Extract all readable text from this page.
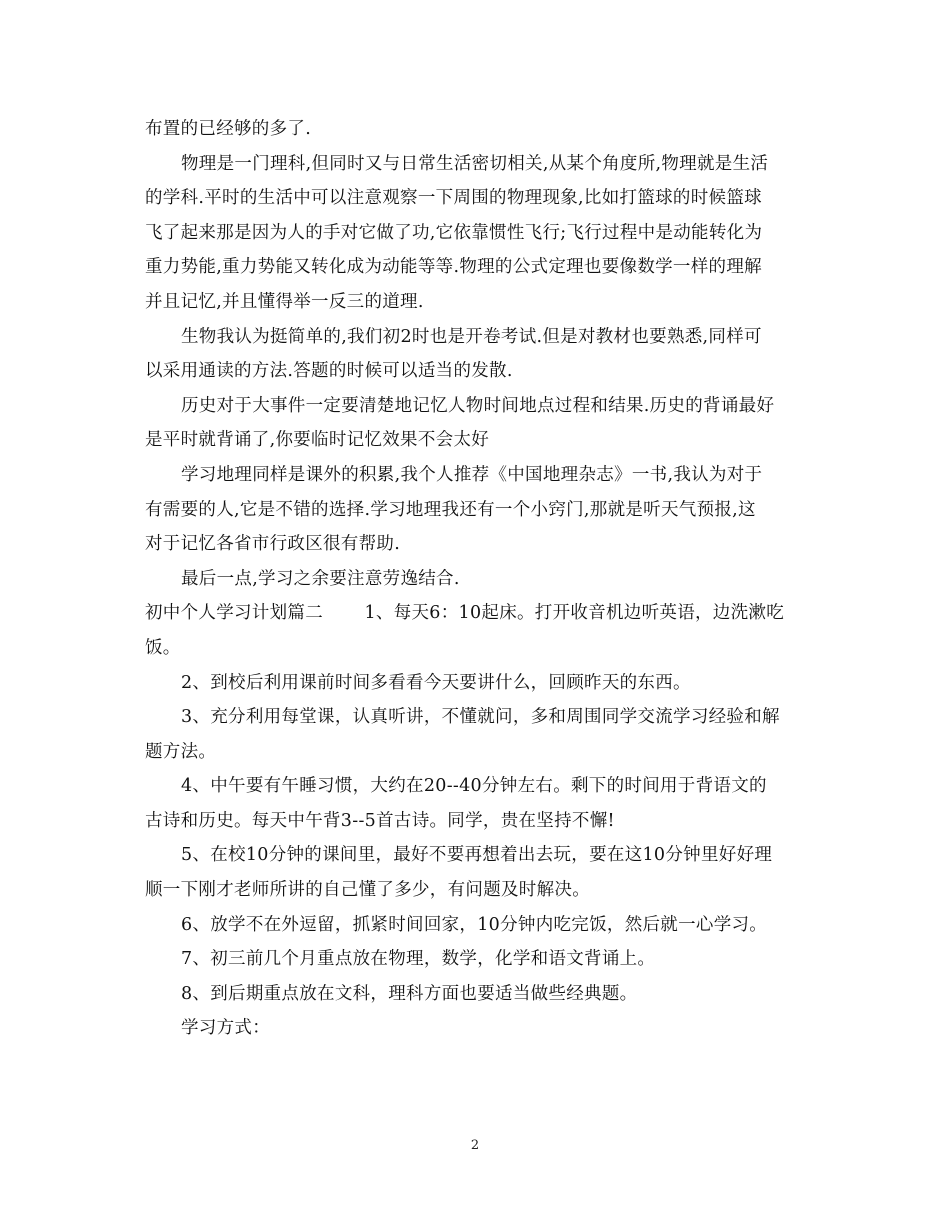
布置的已经够的多了.
物理是一门理科,但同时又与日常生活密切相关,从某个角度所,物理就是生活
的学科.平时的生活中可以注意观察一下周围的物理现象,比如打篮球的时候篮球
飞了起来那是因为人的手对它做了功,它依靠惯性飞行;飞行过程中是动能转化为
重力势能,重力势能又转化成为动能等等.物理的公式定理也要像数学一样的理解
并且记忆,并且懂得举一反三的道理.
生物我认为挺简单的,我们初2时也是开卷考试.但是对教材也要熟悉,同样可
以采用通读的方法.答题的时候可以适当的发散.
历史对于大事件一定要清楚地记忆人物时间地点过程和结果.历史的背诵最好
是平时就背诵了,你要临时记忆效果不会太好
学习地理同样是课外的积累,我个人推荐《中国地理杂志》一书,我认为对于
有需要的人,它是不错的选择.学习地理我还有一个小窍门,那就是听天气预报,这
对于记忆各省市行政区很有帮助.
最后一点,学习之余要注意劳逸结合.
初中个人学习计划篇二　　 1、每天6：10起床。打开收音机边听英语，边洗漱吃
饭。
2、到校后利用课前时间多看看今天要讲什么，回顾昨天的东西。
3、充分利用每堂课，认真听讲，不懂就问，多和周围同学交流学习经验和解
题方法。
4、中午要有午睡习惯，大约在20--40分钟左右。剩下的时间用于背语文的
古诗和历史。每天中午背3--5首古诗。同学，贵在坚持不懈!
5、在校10分钟的课间里，最好不要再想着出去玩，要在这10分钟里好好理
顺一下刚才老师所讲的自己懂了多少，有问题及时解决。
6、放学不在外逗留，抓紧时间回家，10分钟内吃完饭，然后就一心学习。
7、初三前几个月重点放在物理，数学，化学和语文背诵上。
8、到后期重点放在文科，理科方面也要适当做些经典题。
学习方式：
2
